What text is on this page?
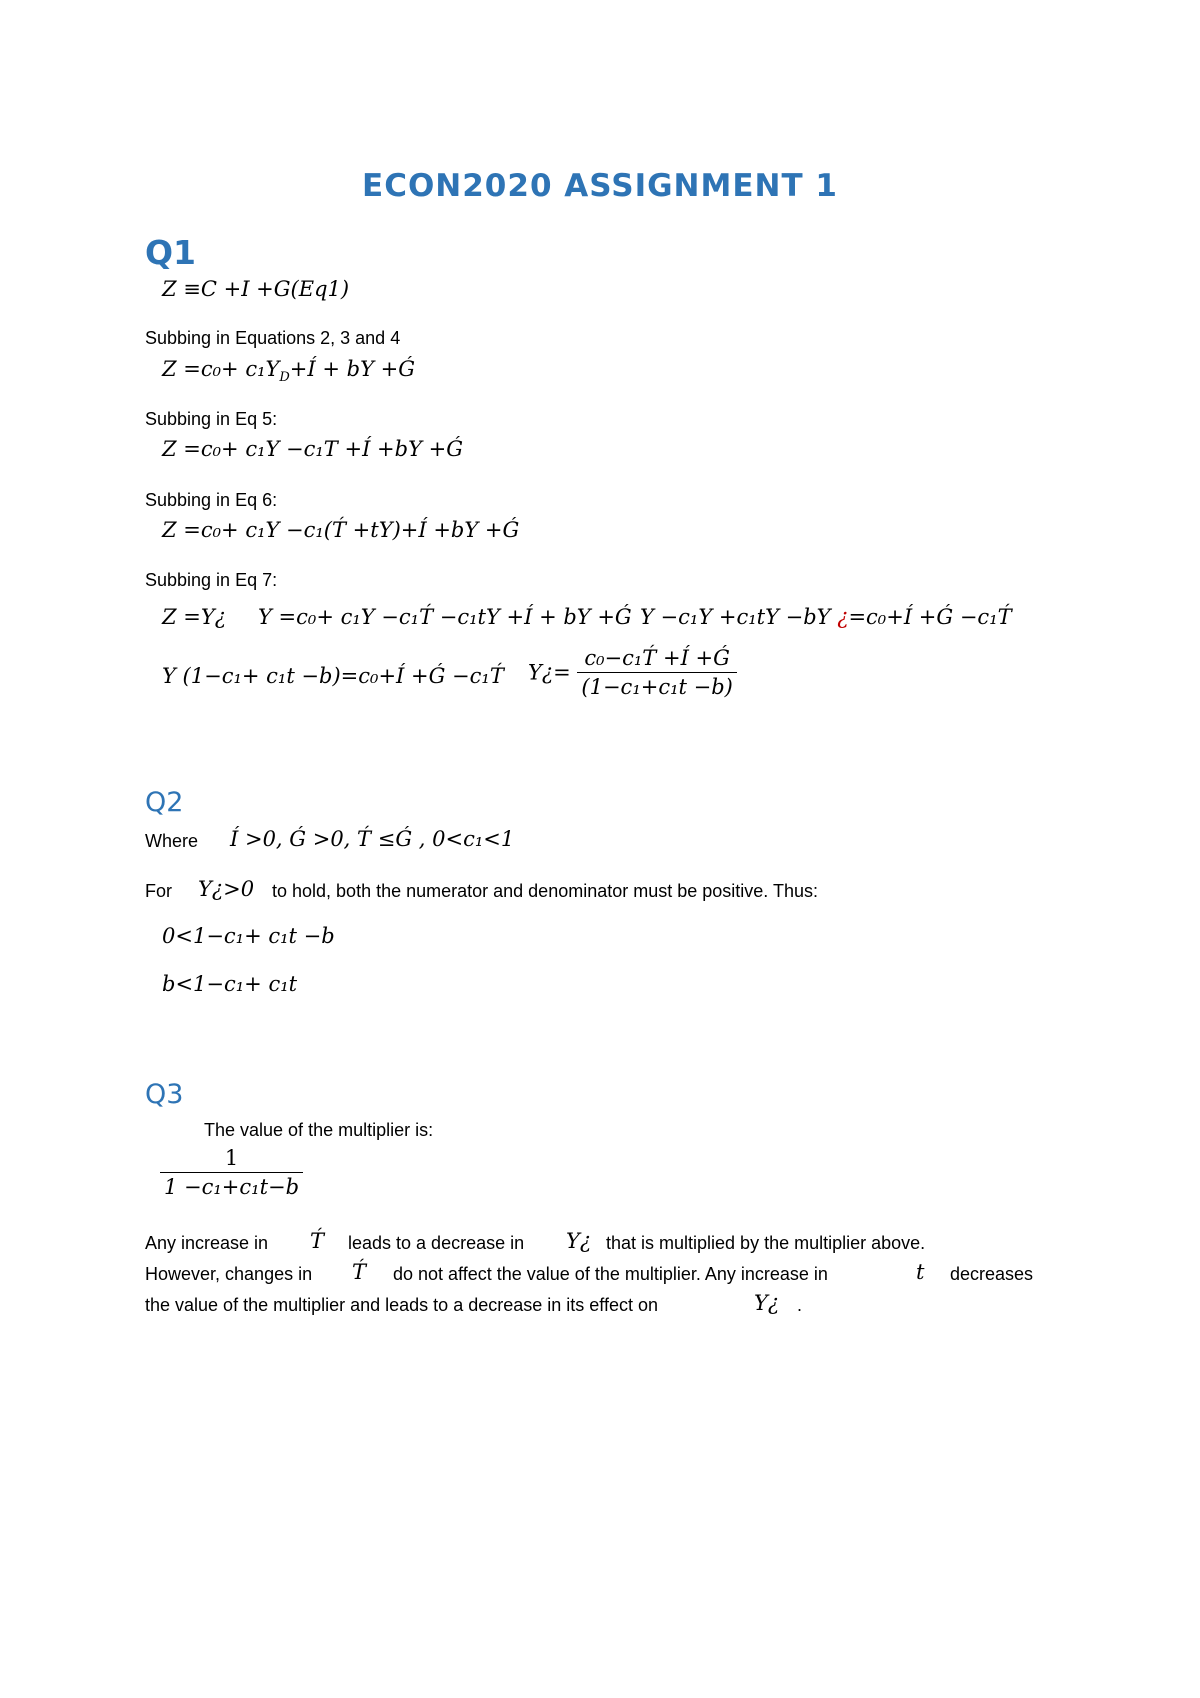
ECON2020 ASSIGNMENT 1
Q1
Z ≡C +I +G(Eq1)
Subbing in Equations 2, 3 and 4
$Z =c_0+ c_1Y_D+Í$ + bY +Ǵ
Subbing in Eq 5:
Z =c₀+ c₁Y −c₁T +Í +bY +Ǵ
Subbing in Eq 6:
Z =c₀+ c₁Y −c₁(T́ +tY)+Í +bY +Ǵ
Subbing in Eq 7:
Z =Y¿ Y =c₀+ c₁Y −c₁T́ −c₁tY +Í + bY +Ǵ Y −c₁Y +c₁tY −bY ¿=c₀+Í +Ǵ −c₁T́
Y (1−c₁+ c₁t −b)=c₀+Í +Ǵ −c₁T́ Y¿= $\frac{\text{c₀−c₁T́ +Í +Ǵ}}{\text{(1−c₁+c₁t −b)}}$
Q2
Where Í >0, Ǵ >0, T́ ≤Ǵ , 0<c₁<1
For Y¿>0 to hold, both the numerator and denominator must be positive. Thus:
0<1−c₁+ c₁t −b
b<1−c₁+ c₁t
Q3
The value of the multiplier is:
$\frac{1}{\text{1 −c₁+c₁t−b}}$
Any increase in T́ leads to a decrease in Y¿ that is multiplied by the multiplier above.
However, changes in T́ do not affect the value of the multiplier. Any increase in	t decreases
the value of the multiplier and leads to a decrease in its effect on	Y¿ .
